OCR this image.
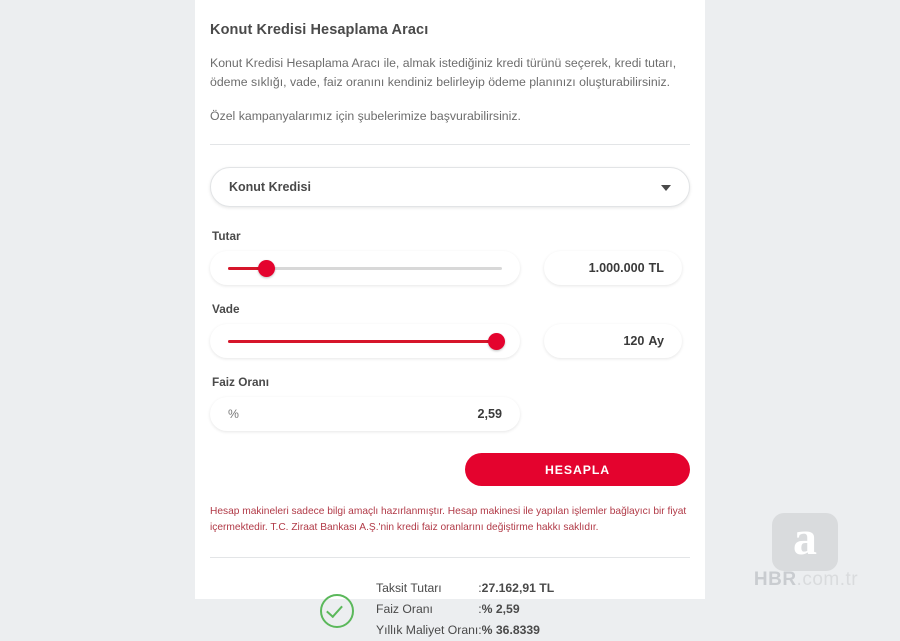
Konut Kredisi Hesaplama Aracı
Konut Kredisi Hesaplama Aracı ile, almak istediğiniz kredi türünü seçerek, kredi tutarı, ödeme sıklığı, vade, faiz oranını kendiniz belirleyip ödeme planınızı oluşturabilirsiniz.
Özel kampanyalarımız için şubelerimize başvurabilirsiniz.
Konut Kredisi
Tutar
1.000.000 TL
Vade
120 Ay
Faiz Oranı
%	2,59
HESAPLA
Hesap makineleri sadece bilgi amaçlı hazırlanmıştır. Hesap makinesi ile yapılan işlemler bağlayıcı bir fiyat içermektedir. T.C. Ziraat Bankası A.Ş.'nin kredi faiz oranlarını değiştirme hakkı saklıdır.
Taksit Tutarı	:	27.162,91 TL
Faiz Oranı	:	% 2,59
Yıllık Maliyet Oranı	:	% 36.8339
a
HBR.com.tr
